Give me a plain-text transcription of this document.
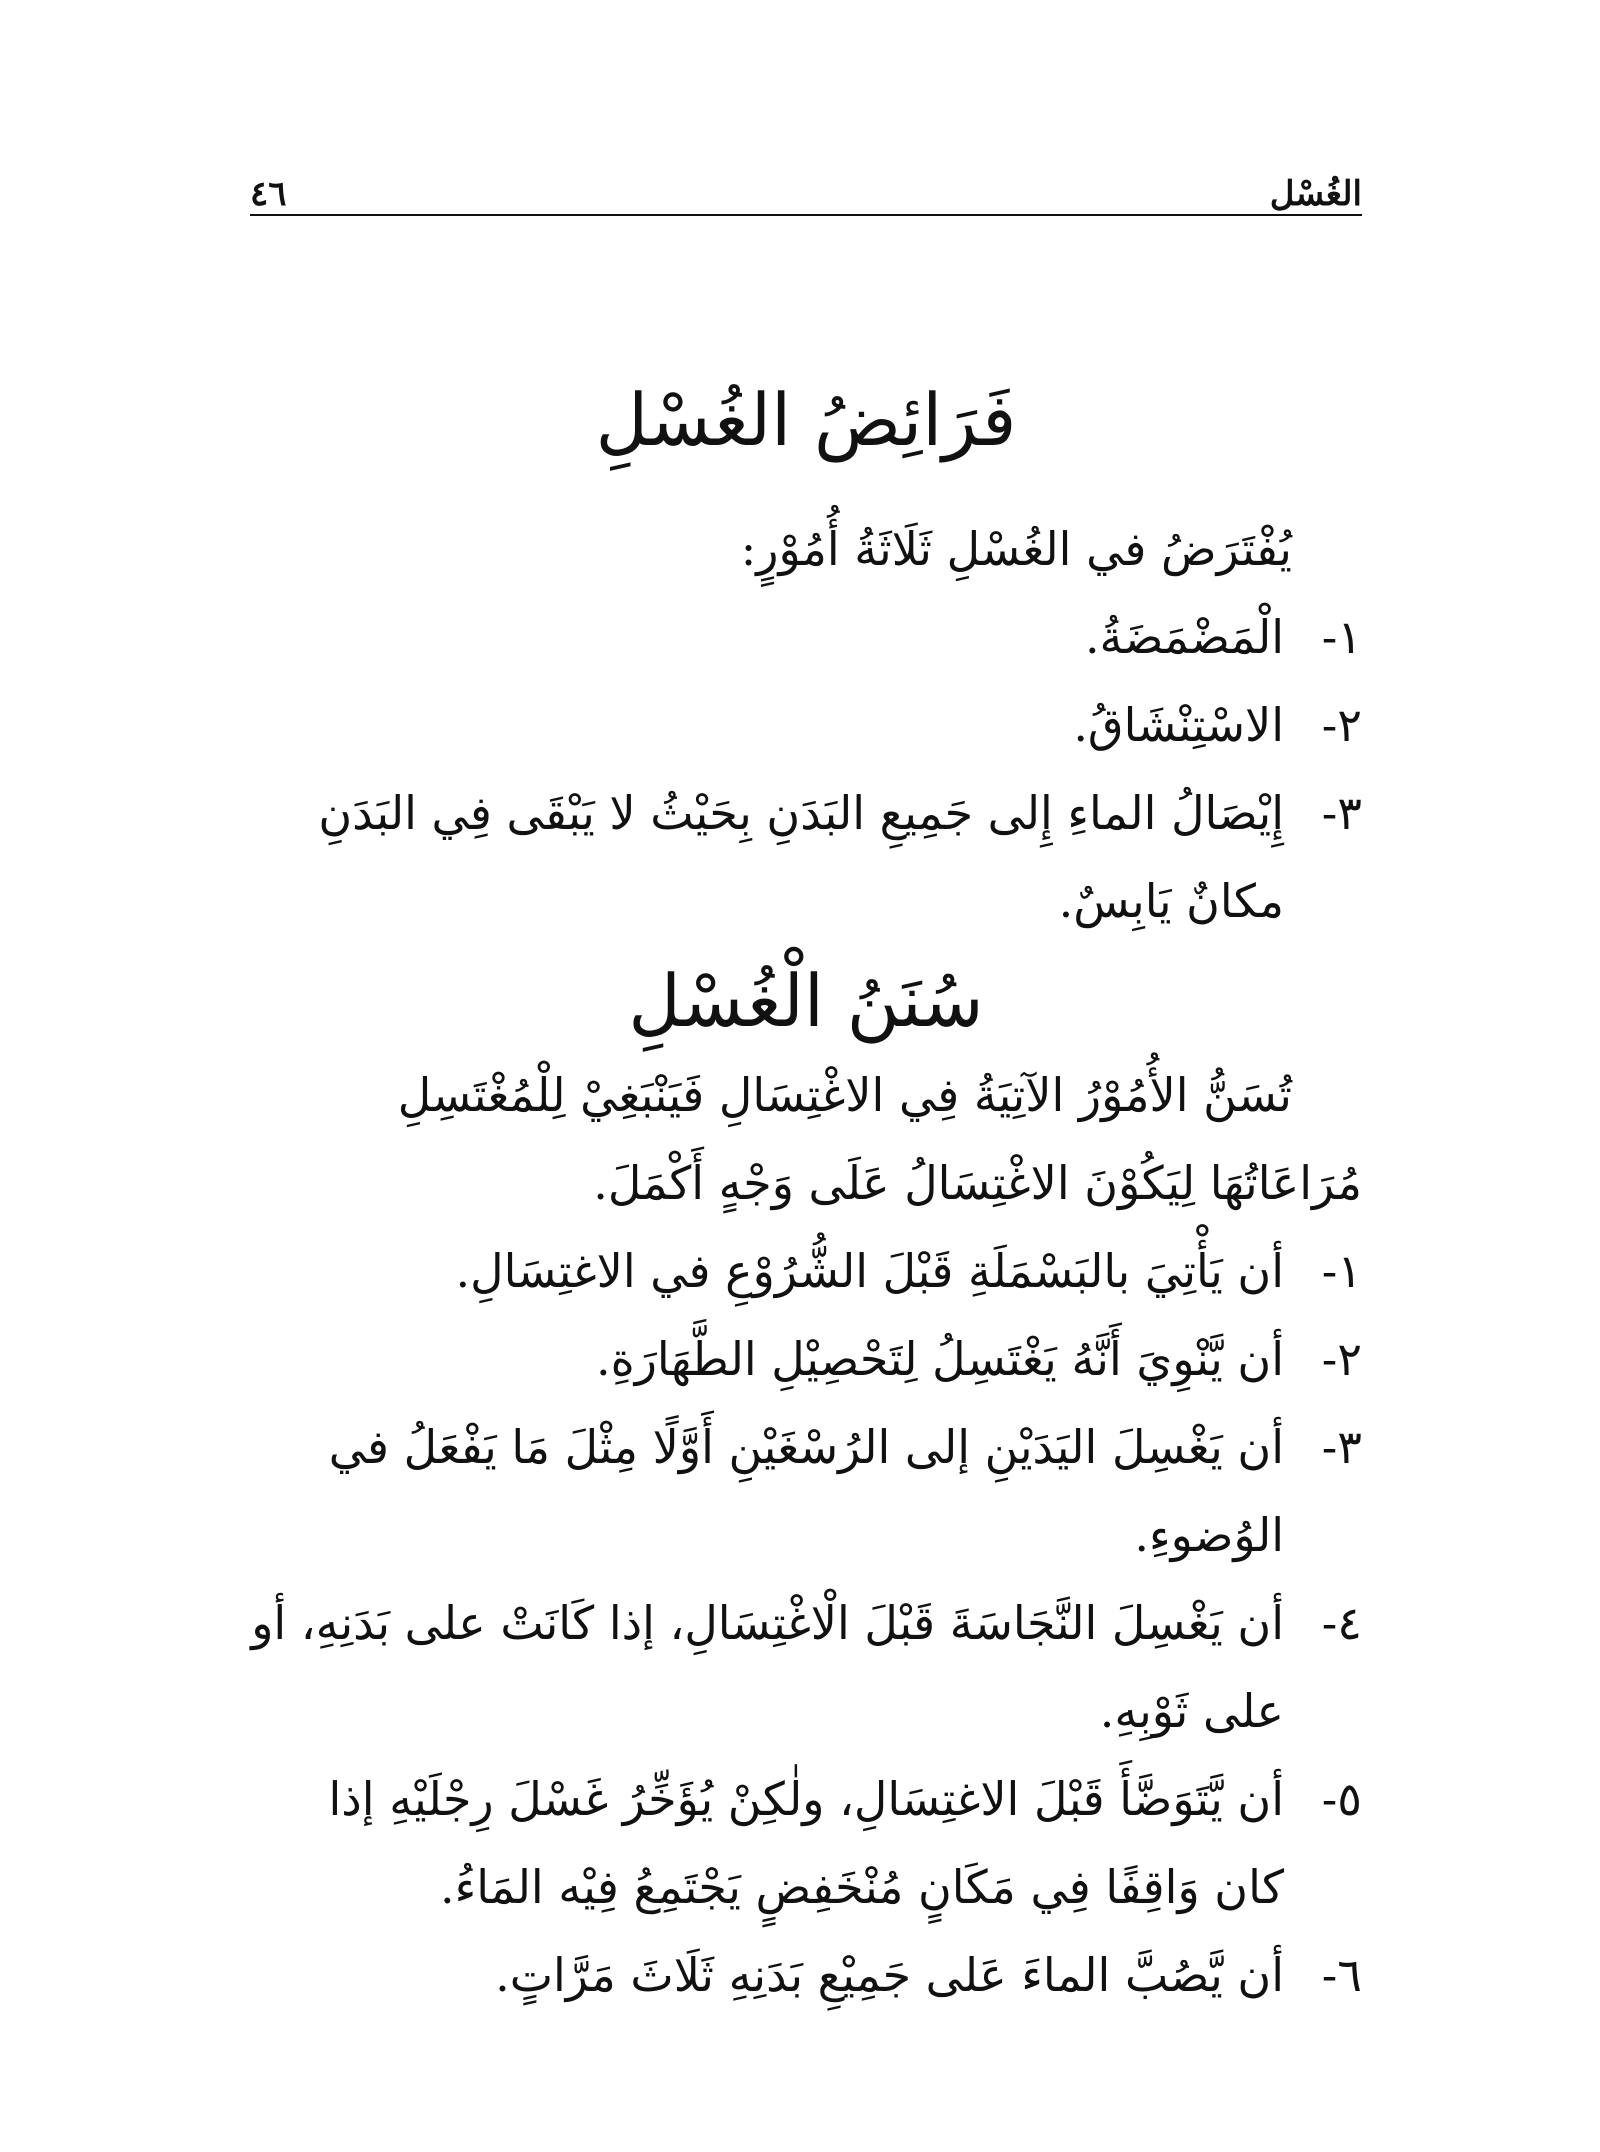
الغُسْل
٤٦
فَرَائِضُ الغُسْلِ

يُفْتَرَضُ في الغُسْلِ ثَلَاثَةُ أُمُوْرٍ:

١-
الْمَضْمَضَةُ.
٢-
الاسْتِنْشَاقُ.
٣-
إِيْصَالُ الماءِ إِلى جَمِيعِ البَدَنِ بِحَيْثُ لا يَبْقَى فِي البَدَنِ مكانٌ يَابِسٌ.
سُنَنُ الْغُسْلِ

تُسَنُّ الأُمُوْرُ الآتِيَةُ فِي الاغْتِسَالِ فَيَنْبَغِيْ لِلْمُغْتَسِلِ مُرَاعَاتُهَا لِيَكُوْنَ الاغْتِسَالُ عَلَى وَجْهٍ أَكْمَلَ.

١-
أن يَأْتِيَ بالبَسْمَلَةِ قَبْلَ الشُّرُوْعِ في الاغتِسَالِ.
٢-
أن يَّنْوِيَ أَنَّهُ يَغْتَسِلُ لِتَحْصِيْلِ الطَّهَارَةِ.
٣-
أن يَغْسِلَ اليَدَيْنِ إلى الرُسْغَيْنِ أَوَّلًا مِثْلَ مَا يَفْعَلُ في الوُضوءِ.
٤-
أن يَغْسِلَ النَّجَاسَةَ قَبْلَ الْاغْتِسَالِ، إذا كَانَتْ على بَدَنِهِ، أو على ثَوْبِهِ.
٥-
أن يَّتَوَضَّأَ قَبْلَ الاغتِسَالِ، ولٰكِنْ يُؤَخِّرُ غَسْلَ رِجْلَيْهِ إذا كان وَاقِفًا فِي مَكَانٍ مُنْخَفِضٍ يَجْتَمِعُ فِيْه المَاءُ.
٦-
أن يَّصُبَّ الماءَ عَلى جَمِيْعِ بَدَنِهِ ثَلَاثَ مَرَّاتٍ.
